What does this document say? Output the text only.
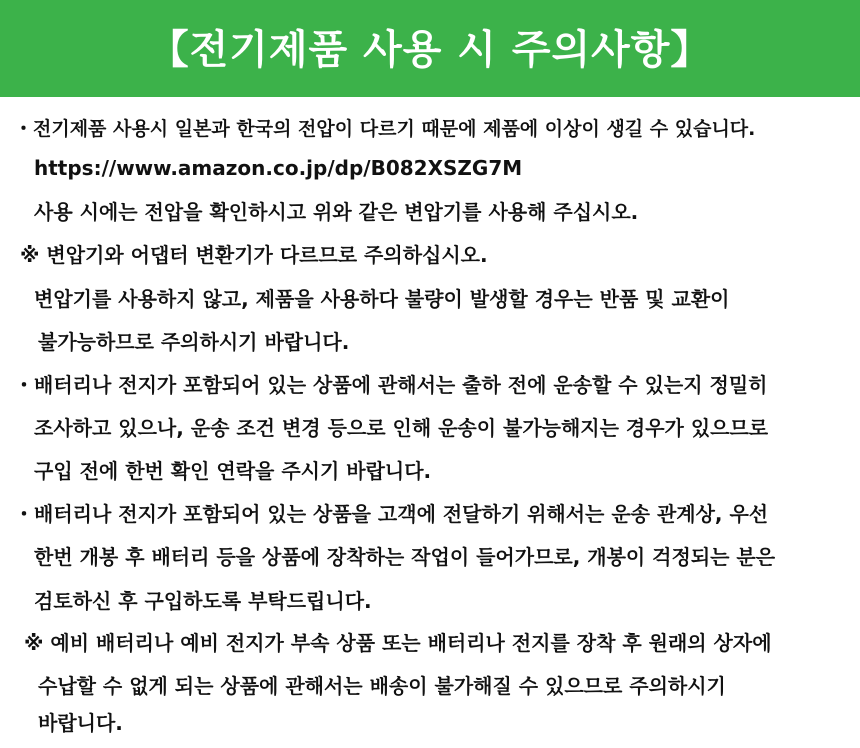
【전기제품 사용 시 주의사항】
・전기제품 사용시 일본과 한국의 전압이 다르기 때문에 제품에 이상이 생길 수 있습니다.
https://www.amazon.co.jp/dp/B082XSZG7M
사용 시에는 전압을 확인하시고 위와 같은 변압기를 사용해 주십시오.
※ 변압기와 어댑터 변환기가 다르므로 주의하십시오.
변압기를 사용하지 않고, 제품을 사용하다 불량이 발생할 경우는 반품 및 교환이
불가능하므로 주의하시기 바랍니다.
・배터리나 전지가 포함되어 있는 상품에 관해서는 출하 전에 운송할 수 있는지 정밀히
조사하고 있으나, 운송 조건 변경 등으로 인해 운송이 불가능해지는 경우가 있으므로
구입 전에 한번 확인 연락을 주시기 바랍니다.
・배터리나 전지가 포함되어 있는 상품을 고객에 전달하기 위해서는 운송 관계상, 우선
한번 개봉 후 배터리 등을 상품에 장착하는 작업이 들어가므로, 개봉이 걱정되는 분은
검토하신 후 구입하도록 부탁드립니다.
※ 예비 배터리나 예비 전지가 부속 상품 또는 배터리나 전지를 장착 후 원래의 상자에
수납할 수 없게 되는 상품에 관해서는 배송이 불가해질 수 있으므로 주의하시기
바랍니다.
